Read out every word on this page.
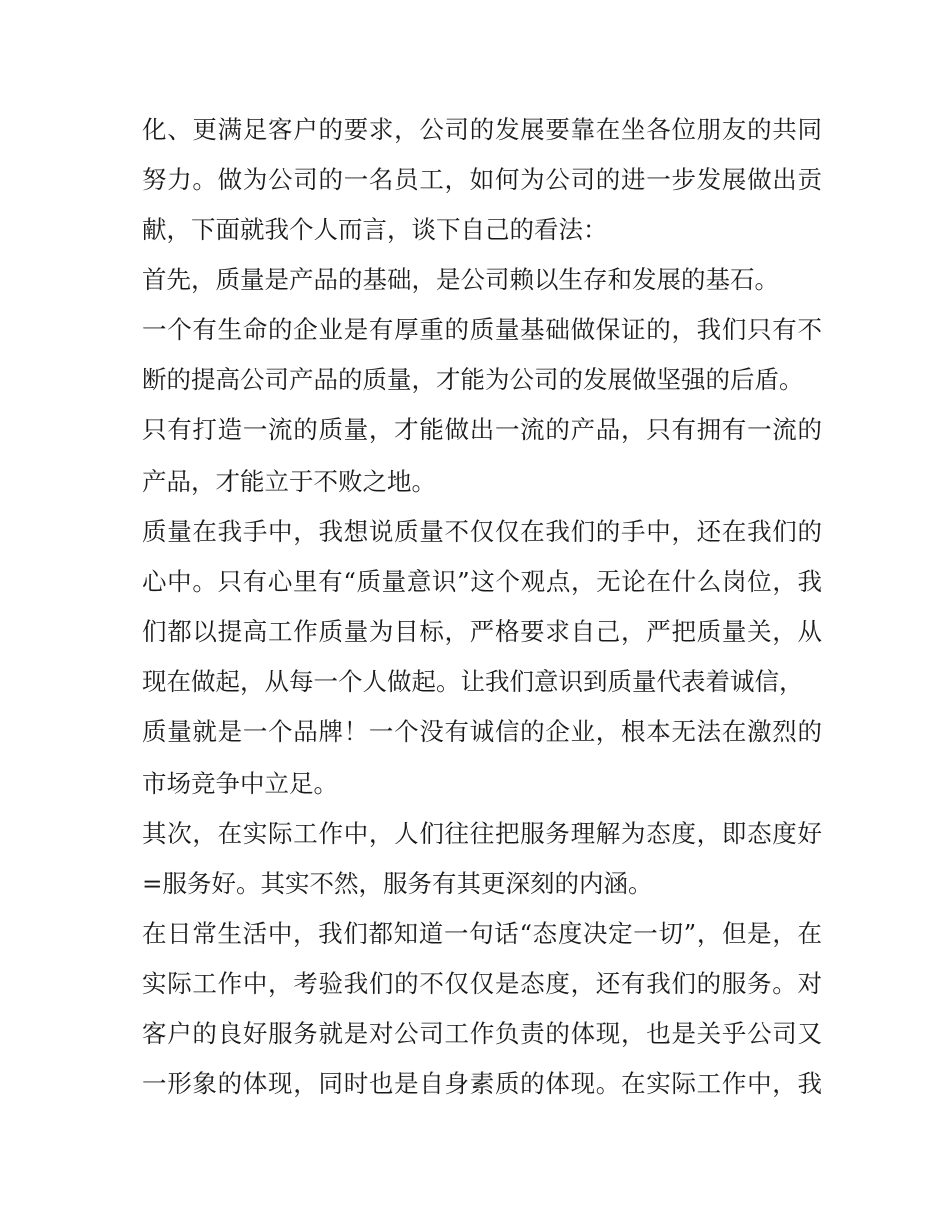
化、更满足客户的要求，公司的发展要靠在坐各位朋友的共同
努力。做为公司的一名员工，如何为公司的进一步发展做出贡
献，下面就我个人而言，谈下自己的看法：
首先，质量是产品的基础，是公司赖以生存和发展的基石。
一个有生命的企业是有厚重的质量基础做保证的，我们只有不
断的提高公司产品的质量，才能为公司的发展做坚强的后盾。
只有打造一流的质量，才能做出一流的产品，只有拥有一流的
产品，才能立于不败之地。
质量在我手中，我想说质量不仅仅在我们的手中，还在我们的
心中。只有心里有“质量意识”这个观点，无论在什么岗位，我
们都以提高工作质量为目标，严格要求自己，严把质量关，从
现在做起，从每一个人做起。让我们意识到质量代表着诚信，
质量就是一个品牌！一个没有诚信的企业，根本无法在激烈的
市场竞争中立足。
其次，在实际工作中，人们往往把服务理解为态度，即态度好
=服务好。其实不然，服务有其更深刻的内涵。
在日常生活中，我们都知道一句话“态度决定一切”，但是，在
实际工作中，考验我们的不仅仅是态度，还有我们的服务。对
客户的良好服务就是对公司工作负责的体现，也是关乎公司又
一形象的体现，同时也是自身素质的体现。在实际工作中，我
